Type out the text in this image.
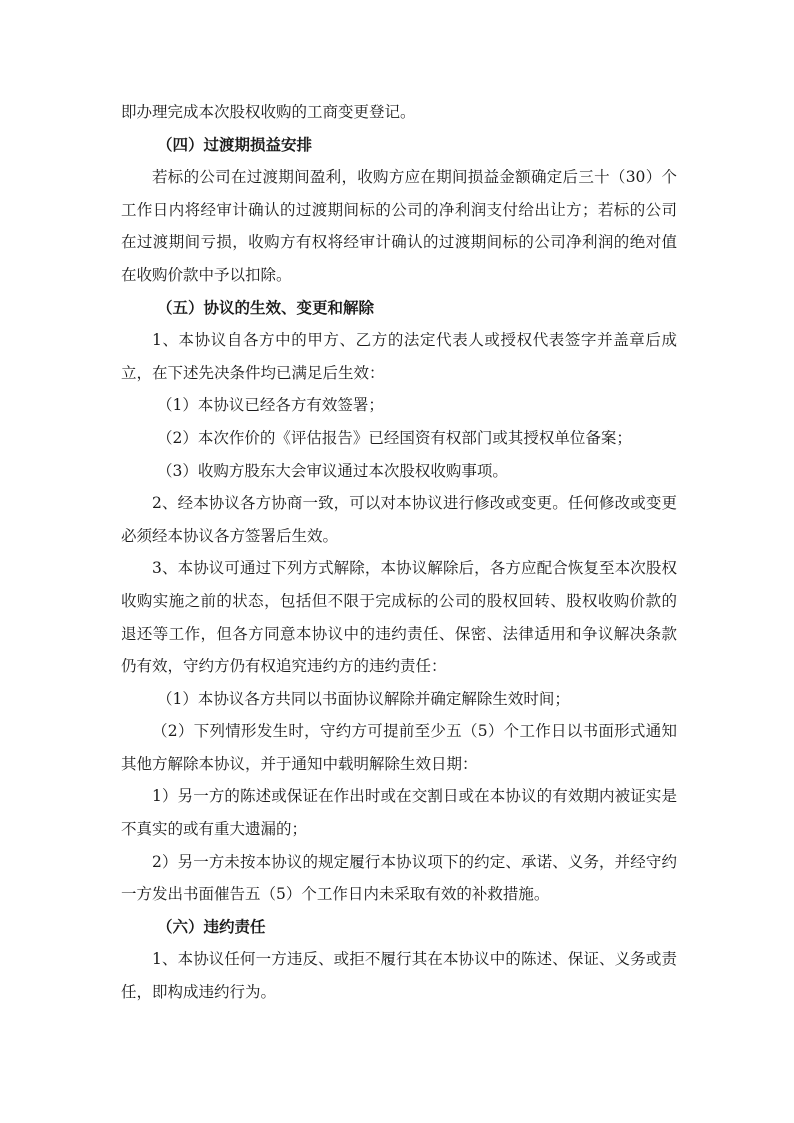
即办理完成本次股权收购的工商变更登记。

（四）过渡期损益安排

若标的公司在过渡期间盈利，收购方应在期间损益金额确定后三十（30）个工作日内将经审计确认的过渡期间标的公司的净利润支付给出让方；若标的公司在过渡期间亏损，收购方有权将经审计确认的过渡期间标的公司净利润的绝对值在收购价款中予以扣除。

（五）协议的生效、变更和解除

1、本协议自各方中的甲方、乙方的法定代表人或授权代表签字并盖章后成立，在下述先决条件均已满足后生效：

（1）本协议已经各方有效签署；

（2）本次作价的《评估报告》已经国资有权部门或其授权单位备案；

（3）收购方股东大会审议通过本次股权收购事项。

2、经本协议各方协商一致，可以对本协议进行修改或变更。任何修改或变更必须经本协议各方签署后生效。

3、本协议可通过下列方式解除，本协议解除后，各方应配合恢复至本次股权收购实施之前的状态，包括但不限于完成标的公司的股权回转、股权收购价款的退还等工作，但各方同意本协议中的违约责任、保密、法律适用和争议解决条款仍有效，守约方仍有权追究违约方的违约责任：

（1）本协议各方共同以书面协议解除并确定解除生效时间；

（2）下列情形发生时，守约方可提前至少五（5）个工作日以书面形式通知其他方解除本协议，并于通知中载明解除生效日期：

1）另一方的陈述或保证在作出时或在交割日或在本协议的有效期内被证实是不真实的或有重大遗漏的；

2）另一方未按本协议的规定履行本协议项下的约定、承诺、义务，并经守约一方发出书面催告五（5）个工作日内未采取有效的补救措施。

（六）违约责任

1、本协议任何一方违反、或拒不履行其在本协议中的陈述、保证、义务或责任，即构成违约行为。
